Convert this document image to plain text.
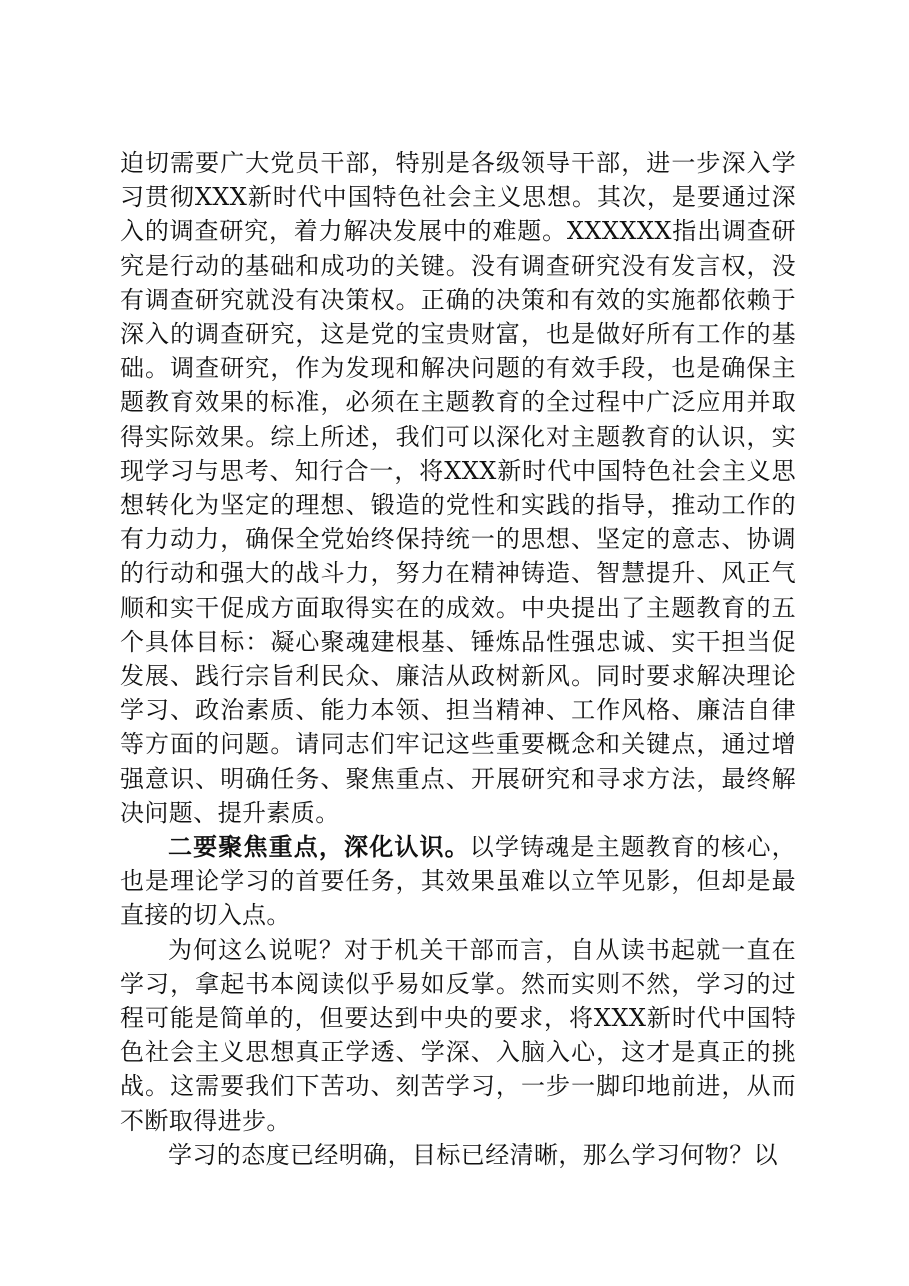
迫切需要广大党员干部，特别是各级领导干部，进一步深入学习贯彻XXX新时代中国特色社会主义思想。其次，是要通过深入的调查研究，着力解决发展中的难题。XXXXXX指出调查研究是行动的基础和成功的关键。没有调查研究没有发言权，没有调查研究就没有决策权。正确的决策和有效的实施都依赖于深入的调查研究，这是党的宝贵财富，也是做好所有工作的基础。调查研究，作为发现和解决问题的有效手段，也是确保主题教育效果的标准，必须在主题教育的全过程中广泛应用并取得实际效果。综上所述，我们可以深化对主题教育的认识，实现学习与思考、知行合一，将XXX新时代中国特色社会主义思想转化为坚定的理想、锻造的党性和实践的指导，推动工作的有力动力，确保全党始终保持统一的思想、坚定的意志、协调的行动和强大的战斗力，努力在精神铸造、智慧提升、风正气顺和实干促成方面取得实在的成效。中央提出了主题教育的五个具体目标：凝心聚魂建根基、锤炼品性强忠诚、实干担当促发展、践行宗旨利民众、廉洁从政树新风。同时要求解决理论学习、政治素质、能力本领、担当精神、工作风格、廉洁自律等方面的问题。请同志们牢记这些重要概念和关键点，通过增强意识、明确任务、聚焦重点、开展研究和寻求方法，最终解决问题、提升素质。

二要聚焦重点，深化认识。以学铸魂是主题教育的核心，也是理论学习的首要任务，其效果虽难以立竿见影，但却是最直接的切入点。

为何这么说呢？对于机关干部而言，自从读书起就一直在学习，拿起书本阅读似乎易如反掌。然而实则不然，学习的过程可能是简单的，但要达到中央的要求，将XXX新时代中国特色社会主义思想真正学透、学深、入脑入心，这才是真正的挑战。这需要我们下苦功、刻苦学习，一步一脚印地前进，从而不断取得进步。

学习的态度已经明确，目标已经清晰，那么学习何物？以
